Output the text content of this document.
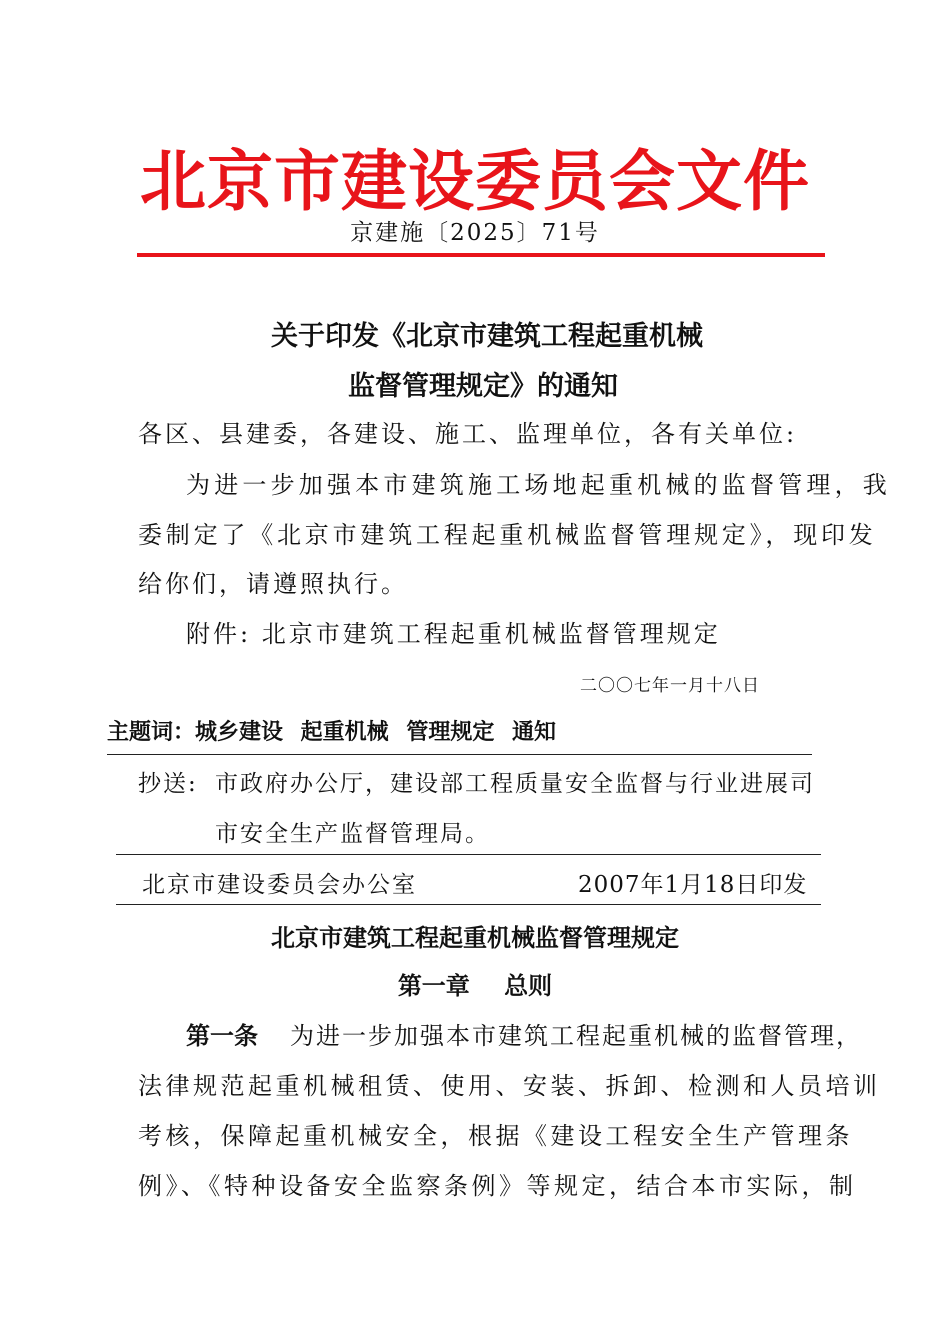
北京市建设委员会文件
京建施〔2025〕71号
关于印发《北京市建筑工程起重机械
监督管理规定》的通知
各区、县建委，各建设、施工、监理单位，各有关单位:
为进一步加强本市建筑施工场地起重机械的监督管理，我
委制定了《北京市建筑工程起重机械监督管理规定》，现印发
给你们，请遵照执行。
附件: 北京市建筑工程起重机械监督管理规定
二〇〇七年一月十八日
主题词：城乡建设 起重机械 管理规定 通知
抄送: 市政府办公厅，建设部工程质量安全监督与行业进展司
市安全生产监督管理局。
北京市建设委员会办公室	2007年1月18日印发
北京市建筑工程起重机械监督管理规定
第一章 总则
第一条 为进一步加强本市建筑工程起重机械的监督管理，
法律规范起重机械租赁、使用、安装、拆卸、检测和人员培训
考核，保障起重机械安全，根据《建设工程安全生产管理条
例》、《特种设备安全监察条例》等规定，结合本市实际，制
